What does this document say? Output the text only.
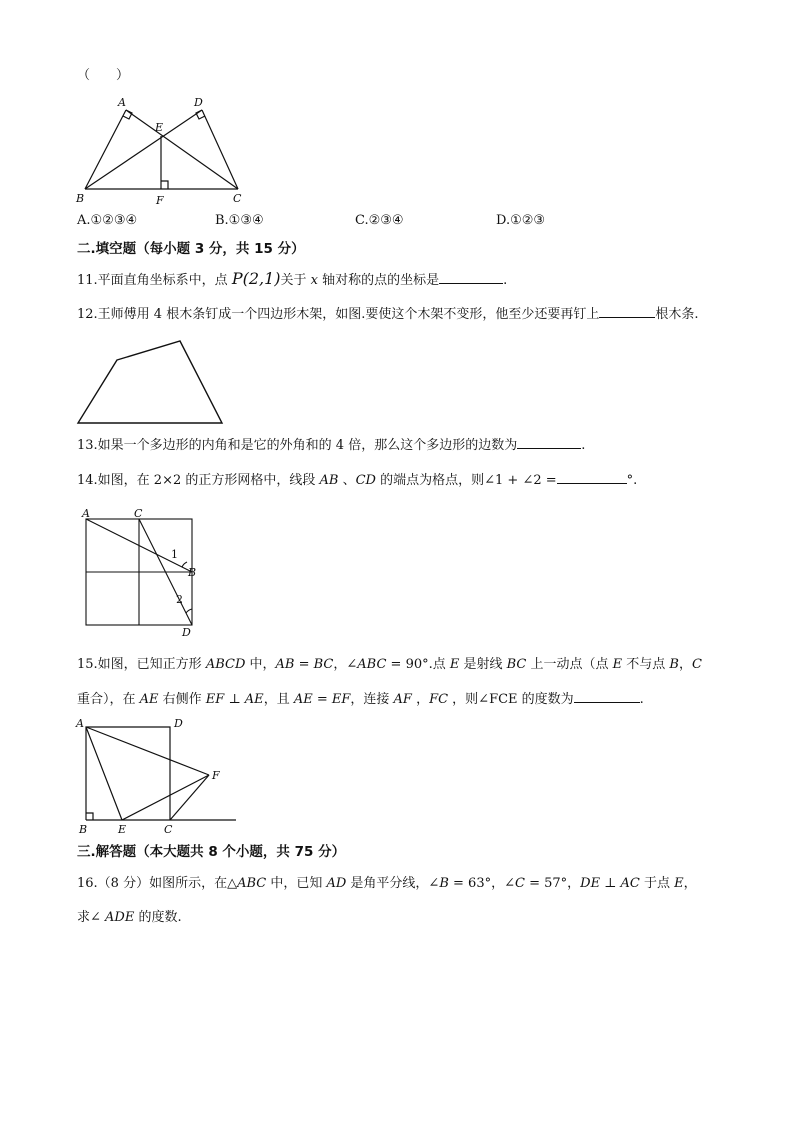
（　　）
A	D
E
B	F	C
A.①②③④	B.①③④	C.②③④	D.①②③
二.填空题（每小题 3 分，共 15 分）
11.平面直角坐标系中，点 P(2,1)关于 x 轴对称的点的坐标是	.
12.王师傅用 4 根木条钉成一个四边形木架，如图.要使这个木架不变形，他至少还要再钉上	根木条.
13.如果一个多边形的内角和是它的外角和的 4 倍，那么这个多边形的边数为	.
14.如图，在 2×2 的正方形网格中，线段 AB 、CD 的端点为格点，则∠1 + ∠2 =	°.
A	C
1
B
2
D
15.如图，已知正方形 ABCD 中，AB = BC，∠ABC = 90°.点 E 是射线 BC 上一动点（点 E 不与点 B，C
重合），在 AE 右侧作 EF ⊥ AE，且 AE = EF，连接 AF ，FC ，则∠FCE 的度数为	.
A	D
F
B	E	C
三.解答题（本大题共 8 个小题，共 75 分）
16.（8 分）如图所示，在△ABC 中，已知 AD 是角平分线，∠B = 63°，∠C = 57°，DE ⊥ AC 于点 E，
求∠ ADE 的度数.
